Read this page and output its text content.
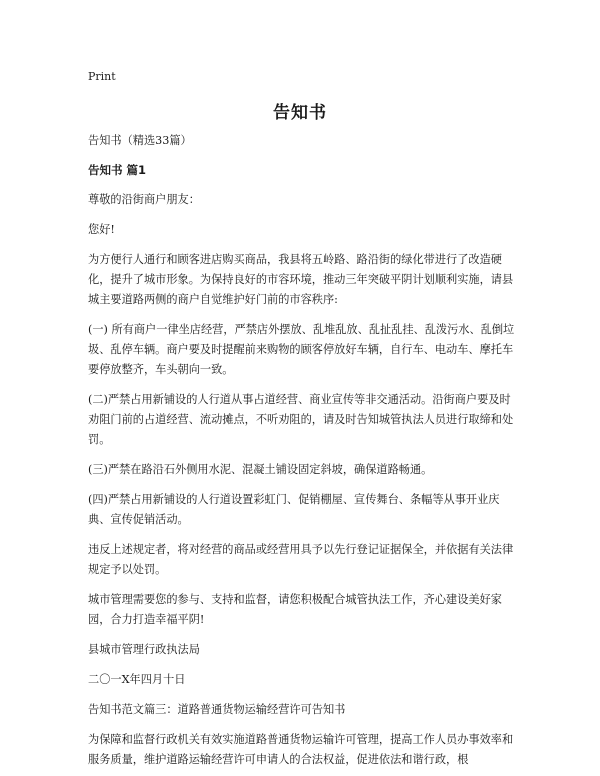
Print
告知书

告知书（精选33篇）

告知书 篇1

尊敬的沿街商户朋友：

您好!

为方便行人通行和顾客进店购买商品，我县将五岭路、路沿街的绿化带进行了改造硬化，提升了城市形象。为保持良好的市容环境，推动三年突破平阴计划顺利实施，请县城主要道路两侧的商户自觉维护好门前的市容秩序:

(一) 所有商户一律坐店经营，严禁店外摆放、乱堆乱放、乱扯乱挂、乱泼污水、乱倒垃圾、乱停车辆。商户要及时提醒前来购物的顾客停放好车辆，自行车、电动车、摩托车要停放整齐，车头朝向一致。

(二)严禁占用新铺设的人行道从事占道经营、商业宣传等非交通活动。沿街商户要及时劝阻门前的占道经营、流动摊点，不听劝阻的，请及时告知城管执法人员进行取缔和处罚。

(三)严禁在路沿石外侧用水泥、混凝土铺设固定斜坡，确保道路畅通。

(四)严禁占用新铺设的人行道设置彩虹门、促销棚屋、宣传舞台、条幅等从事开业庆典、宣传促销活动。

违反上述规定者，将对经营的商品或经营用具予以先行登记证据保全，并依据有关法律规定予以处罚。

城市管理需要您的参与、支持和监督，请您积极配合城管执法工作，齐心建设美好家园，合力打造幸福平阴!

县城市管理行政执法局

二〇一X年四月十日

告知书范文篇三：道路普通货物运输经营许可告知书

为保障和监督行政机关有效实施道路普通货物运输许可管理，提高工作人员办事效率和服务质量，维护道路运输经营许可申请人的合法权益，促进依法和谐行政，根
